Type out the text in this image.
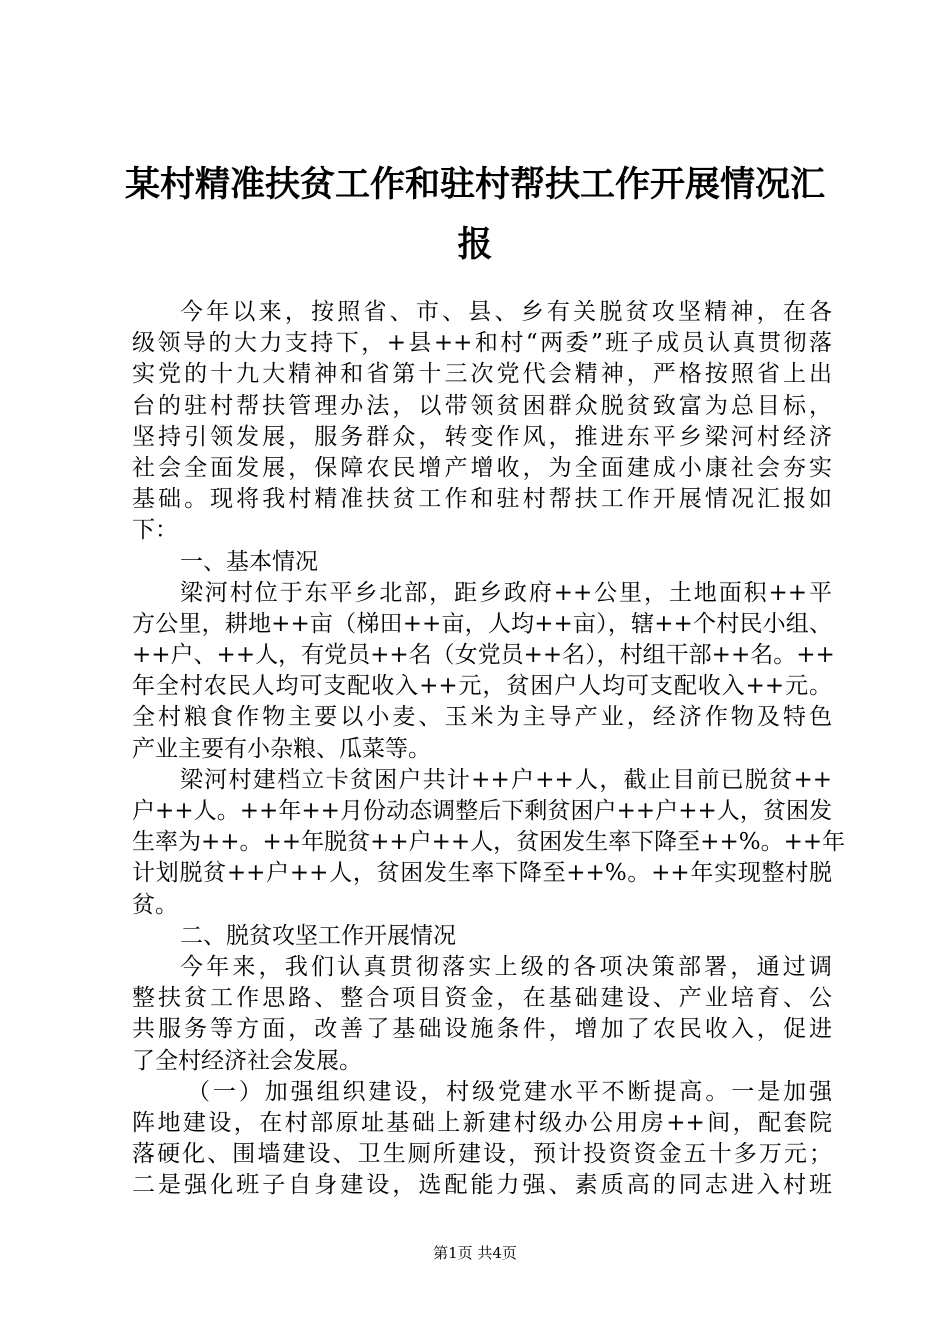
某村精准扶贫工作和驻村帮扶工作开展情况汇
报
今年以来，按照省、市、县、乡有关脱贫攻坚精神，在各
级领导的大力支持下，+县++和村“两委”班子成员认真贯彻落
实党的十九大精神和省第十三次党代会精神，严格按照省上出
台的驻村帮扶管理办法，以带领贫困群众脱贫致富为总目标，
坚持引领发展，服务群众，转变作风，推进东平乡梁河村经济
社会全面发展，保障农民增产增收，为全面建成小康社会夯实
基础。现将我村精准扶贫工作和驻村帮扶工作开展情况汇报如
下：
一、基本情况
梁河村位于东平乡北部，距乡政府++公里，土地面积++平
方公里，耕地++亩（梯田++亩，人均++亩），辖++个村民小组、
++户、++人，有党员++名（女党员++名），村组干部++名。++
年全村农民人均可支配收入++元，贫困户人均可支配收入++元。
全村粮食作物主要以小麦、玉米为主导产业，经济作物及特色
产业主要有小杂粮、瓜菜等。
梁河村建档立卡贫困户共计++户++人，截止目前已脱贫++
户++人。++年++月份动态调整后下剩贫困户++户++人，贫困发
生率为++。++年脱贫++户++人，贫困发生率下降至++%。++年
计划脱贫++户++人，贫困发生率下降至++%。++年实现整村脱
贫。
二、脱贫攻坚工作开展情况
今年来，我们认真贯彻落实上级的各项决策部署，通过调
整扶贫工作思路、整合项目资金，在基础建设、产业培育、公
共服务等方面，改善了基础设施条件，增加了农民收入，促进
了全村经济社会发展。
（一）加强组织建设，村级党建水平不断提高。一是加强
阵地建设，在村部原址基础上新建村级办公用房++间，配套院
落硬化、围墙建设、卫生厕所建设，预计投资资金五十多万元；
二是强化班子自身建设，选配能力强、素质高的同志进入村班
第1页 共4页
